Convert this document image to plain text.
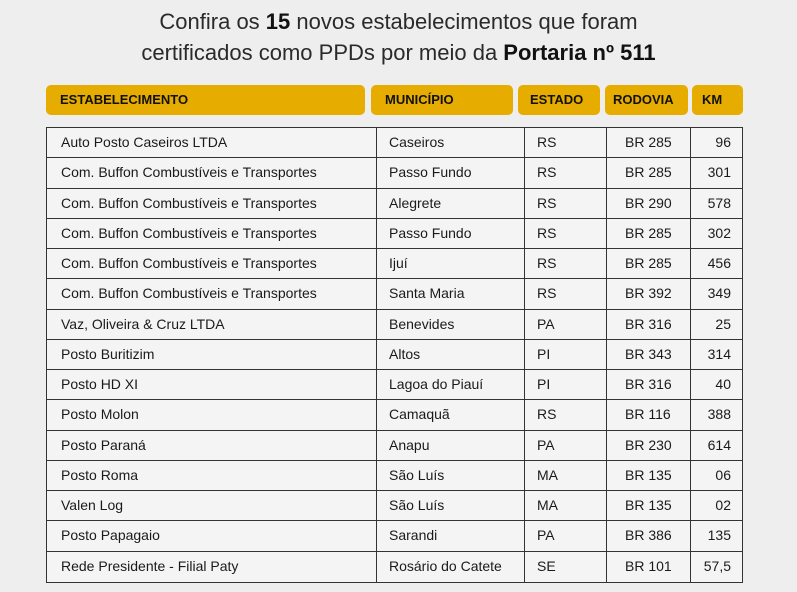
Confira os 15 novos estabelecimentos que foram
certificados como PPDs por meio da Portaria nº 511
ESTABELECIMENTO	MUNICÍPIO	ESTADO	RODOVIA	KM
Auto Posto Caseiros LTDA	Caseiros	RS	BR 285	96
Com. Buffon Combustíveis e Transportes	Passo Fundo	RS	BR 285	301
Com. Buffon Combustíveis e Transportes	Alegrete	RS	BR 290	578
Com. Buffon Combustíveis e Transportes	Passo Fundo	RS	BR 285	302
Com. Buffon Combustíveis e Transportes	Ijuí	RS	BR 285	456
Com. Buffon Combustíveis e Transportes	Santa Maria	RS	BR 392	349
Vaz, Oliveira & Cruz LTDA	Benevides	PA	BR 316	25
Posto Buritizim	Altos	PI	BR 343	314
Posto HD XI	Lagoa do Piauí	PI	BR 316	40
Posto Molon	Camaquã	RS	BR 116	388
Posto Paraná	Anapu	PA	BR 230	614
Posto Roma	São Luís	MA	BR 135	06
Valen Log	São Luís	MA	BR 135	02
Posto Papagaio	Sarandi	PA	BR 386	135
Rede Presidente - Filial Paty	Rosário do Catete	SE	BR 101	57,5
